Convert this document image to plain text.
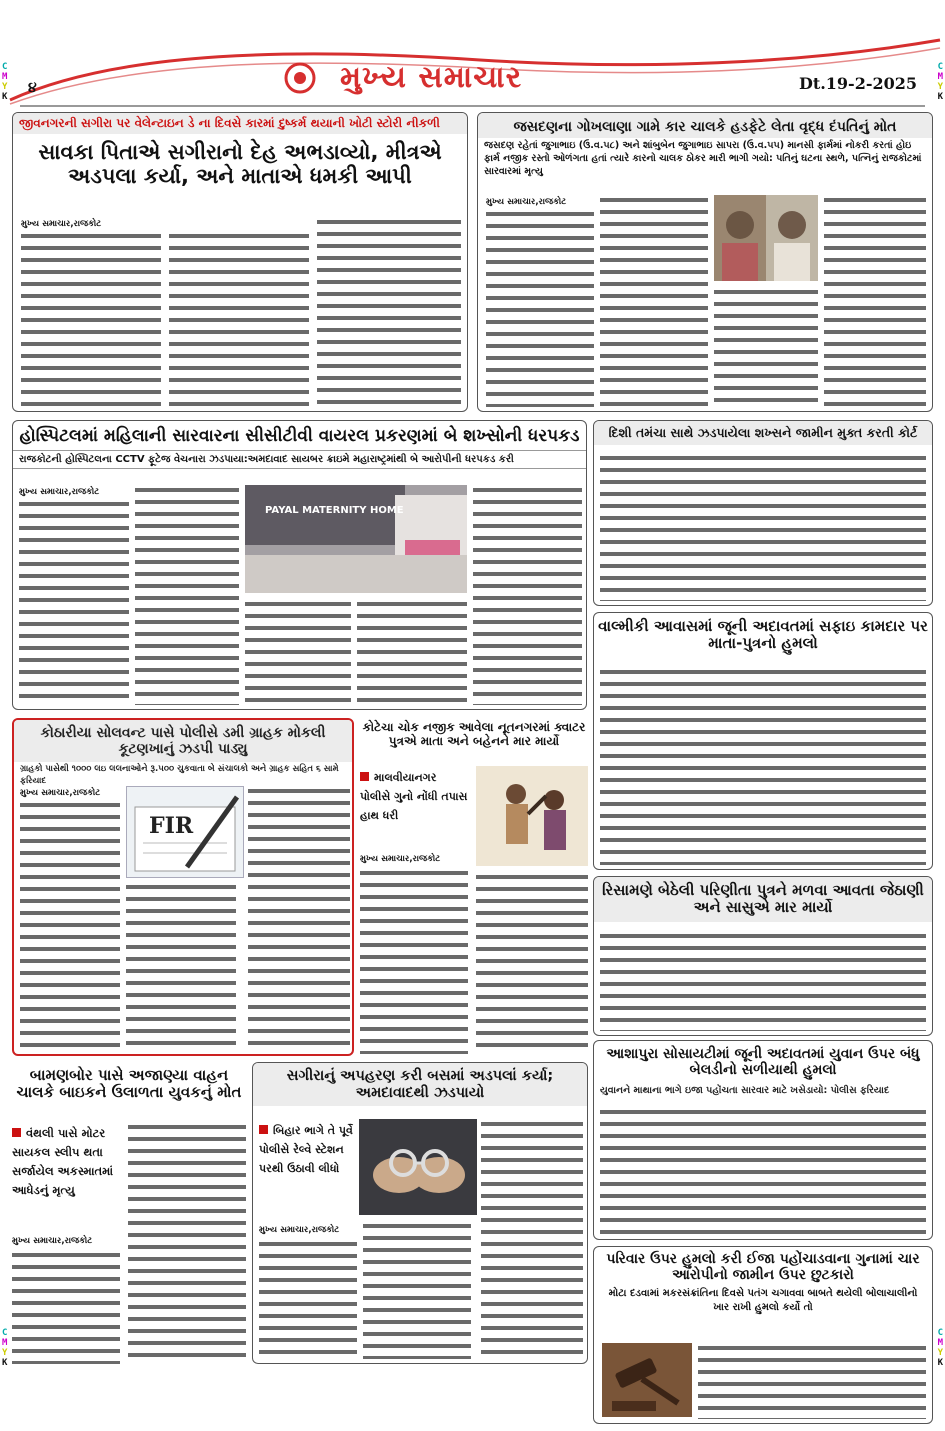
C
M
Y
K
C
M
Y
K
C
M
Y
K
C
M
Y
K
૪	મુખ્ય સમાચાર	Dt.19-2-2025
જીવનગરની સગીરા પર વેલેન્ટાઇન ડે ના દિવસે કારમાં દુષ્કર્મ થયાની ખોટી સ્ટોરી નીકળી
સાવકા પિતાએ સગીરાનો દેહ અભડાવ્યો, મીત્રએ અડપલા કર્યા, અને માતાએ ધમકી આપી
મુખ્ય સમાચાર,રાજકોટ
જસદણના ગોખલાણા ગામે કાર ચાલકે હડફેટે લેતા વૃદ્ધ દંપતિનું મોત
જસદણ રહેતાં જુગાભાઇ (ઉ.વ.૫૮) અને શાંબુબેન જુગાભાઇ સાપરા (ઉ.વ.૫૫) માનસી ફાર્મમાં નોકરી કરતાં હોઇ ફાર્મ નજીક રસ્તો ઓળંગતા હતાં ત્યારે કારનો ચાલક ઠોકર મારી ભાગી ગયો: પતિનું ઘટના સ્થળે, પત્નિનું રાજકોટમાં સારવારમાં મૃત્યુ
મુખ્ય સમાચાર,રાજકોટ
હોસ્પિટલમાં મહિલાની સારવારના સીસીટીવી વાયરલ પ્રકરણમાં બે શખ્સોની ધરપકડ
રાજકોટની હોસ્પિટલના CCTV ફૂટેજ વેચનારા ઝડપાયા:અમદાવાદ સાયબર ક્રાઇમે મહારાષ્ટ્રમાંથી બે આરોપીની ધરપકડ કરી
મુખ્ય સમાચાર,રાજકોટ
PAYAL MATERNITY HOME
દિશી તમંચા સાથે ઝડપાયેલા શખ્સને જામીન મુક્ત કરતી કોર્ટ
વાલ્મીકી આવાસમાં જૂની અદાવતમાં સફાઇ કામદાર પર માતા-પુત્રનો હુમલો
કોઠારીયા સોલવન્ટ પાસે પોલીસે ડમી ગ્રાહક મોકલી કૂટણખાનું ઝડપી પાડ્યુ
ગ્રાહકો પાસેથી ૧૦૦૦ લઇ લલનાઓને રૂ.૫૦૦ ચુકવાતા બે સંચાલકો અને ગ્રાહક સહિત ૬ સામે ફરિયાદ
મુખ્ય સમાચાર,રાજકોટ
FIR
કોટેચા ચોક નજીક આવેલા નૂતનગરમાં ક્વાટર પુત્રએ માતા અને બહેનને માર માર્યો
માલવીયાનગર પોલીસે ગુનો નોંધી તપાસ હાથ ધરી
મુખ્ય સમાચાર,રાજકોટ
રિસામણે બેઠેલી પરિણીતા પુત્રને મળવા આવતા જેઠાણી અને સાસુએ માર માર્યો
આશાપુરા સોસાયટીમાં જૂની અદાવતમાં યુવાન ઉપર બંધુ બેલડીનો સળીયાથી હુમલો
યુવાનને માથાના ભાગે ઇજા પહોંચતા સારવાર માટે ખસેડાયો: પોલીસ ફરિયાદ
બામણબોર પાસે અજાણ્યા વાહન ચાલકે બાઇકને ઉલાળતા યુવકનું મોત
વંથલી પાસે મોટર સાયકલ સ્લીપ થતા સર્જાયેલ અકસ્માતમાં આધેડનું મૃત્યુ
મુખ્ય સમાચાર,રાજકોટ
સગીરાનું અપહરણ કરી બસમાં અડપલાં કર્યા; અમદાવાદથી ઝડપાયો
બિહાર ભાગે તે પૂર્વે પોલીસે રેલ્વે સ્ટેશન પરથી ઉઠાવી લીધો
મુખ્ય સમાચાર,રાજકોટ
પરિવાર ઉપર હુમલો કરી ઈજા પહોંચાડવાના ગુનામાં ચાર આરોપીનો જામીન ઉપર છુટકારો
મોટા દડવામાં મકરસંક્રાંતિના દિવસે પતંગ ચગાવવા બાબતે થયેલી બોલાચાલીનો ખાર રાખી હુમલો કર્યો તો
